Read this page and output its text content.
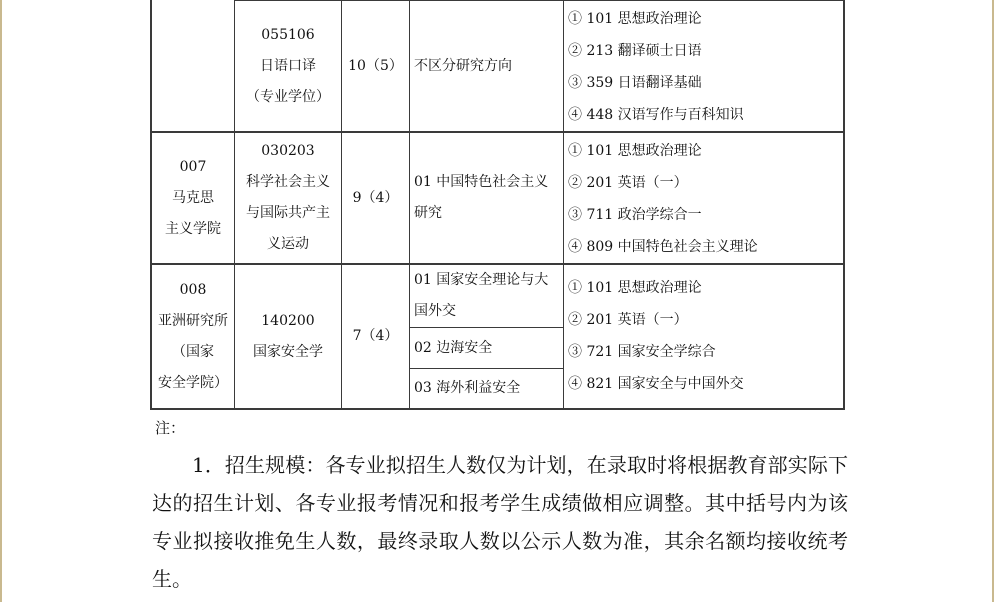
055106
日语口译
（专业学位）
10（5） 不区分研究方向
① 101 思想政治理论
② 213 翻译硕士日语
③ 359 日语翻译基础
④ 448 汉语写作与百科知识
007
马克思
主义学院
030203
科学社会主义
与国际共产主
义运动
9（4）
01 中国特色社会主义
研究
① 101 思想政治理论
② 201 英语（一）
③ 711 政治学综合一
④ 809 中国特色社会主义理论
008
亚洲研究所
（国家
安全学院）
140200
国家安全学
7（4）
01 国家安全理论与大
国外交
02 边海安全
03 海外利益安全
① 101 思想政治理论
② 201 英语（一）
③ 721 国家安全学综合
④ 821 国家安全与中国外交
注：
1．招生规模：各专业拟招生人数仅为计划，在录取时将根据教育部实际下达的招生计划、各专业报考情况和报考学生成绩做相应调整。其中括号内为该专业拟接收推免生人数，最终录取人数以公示人数为准，其余名额均接收统考生。
